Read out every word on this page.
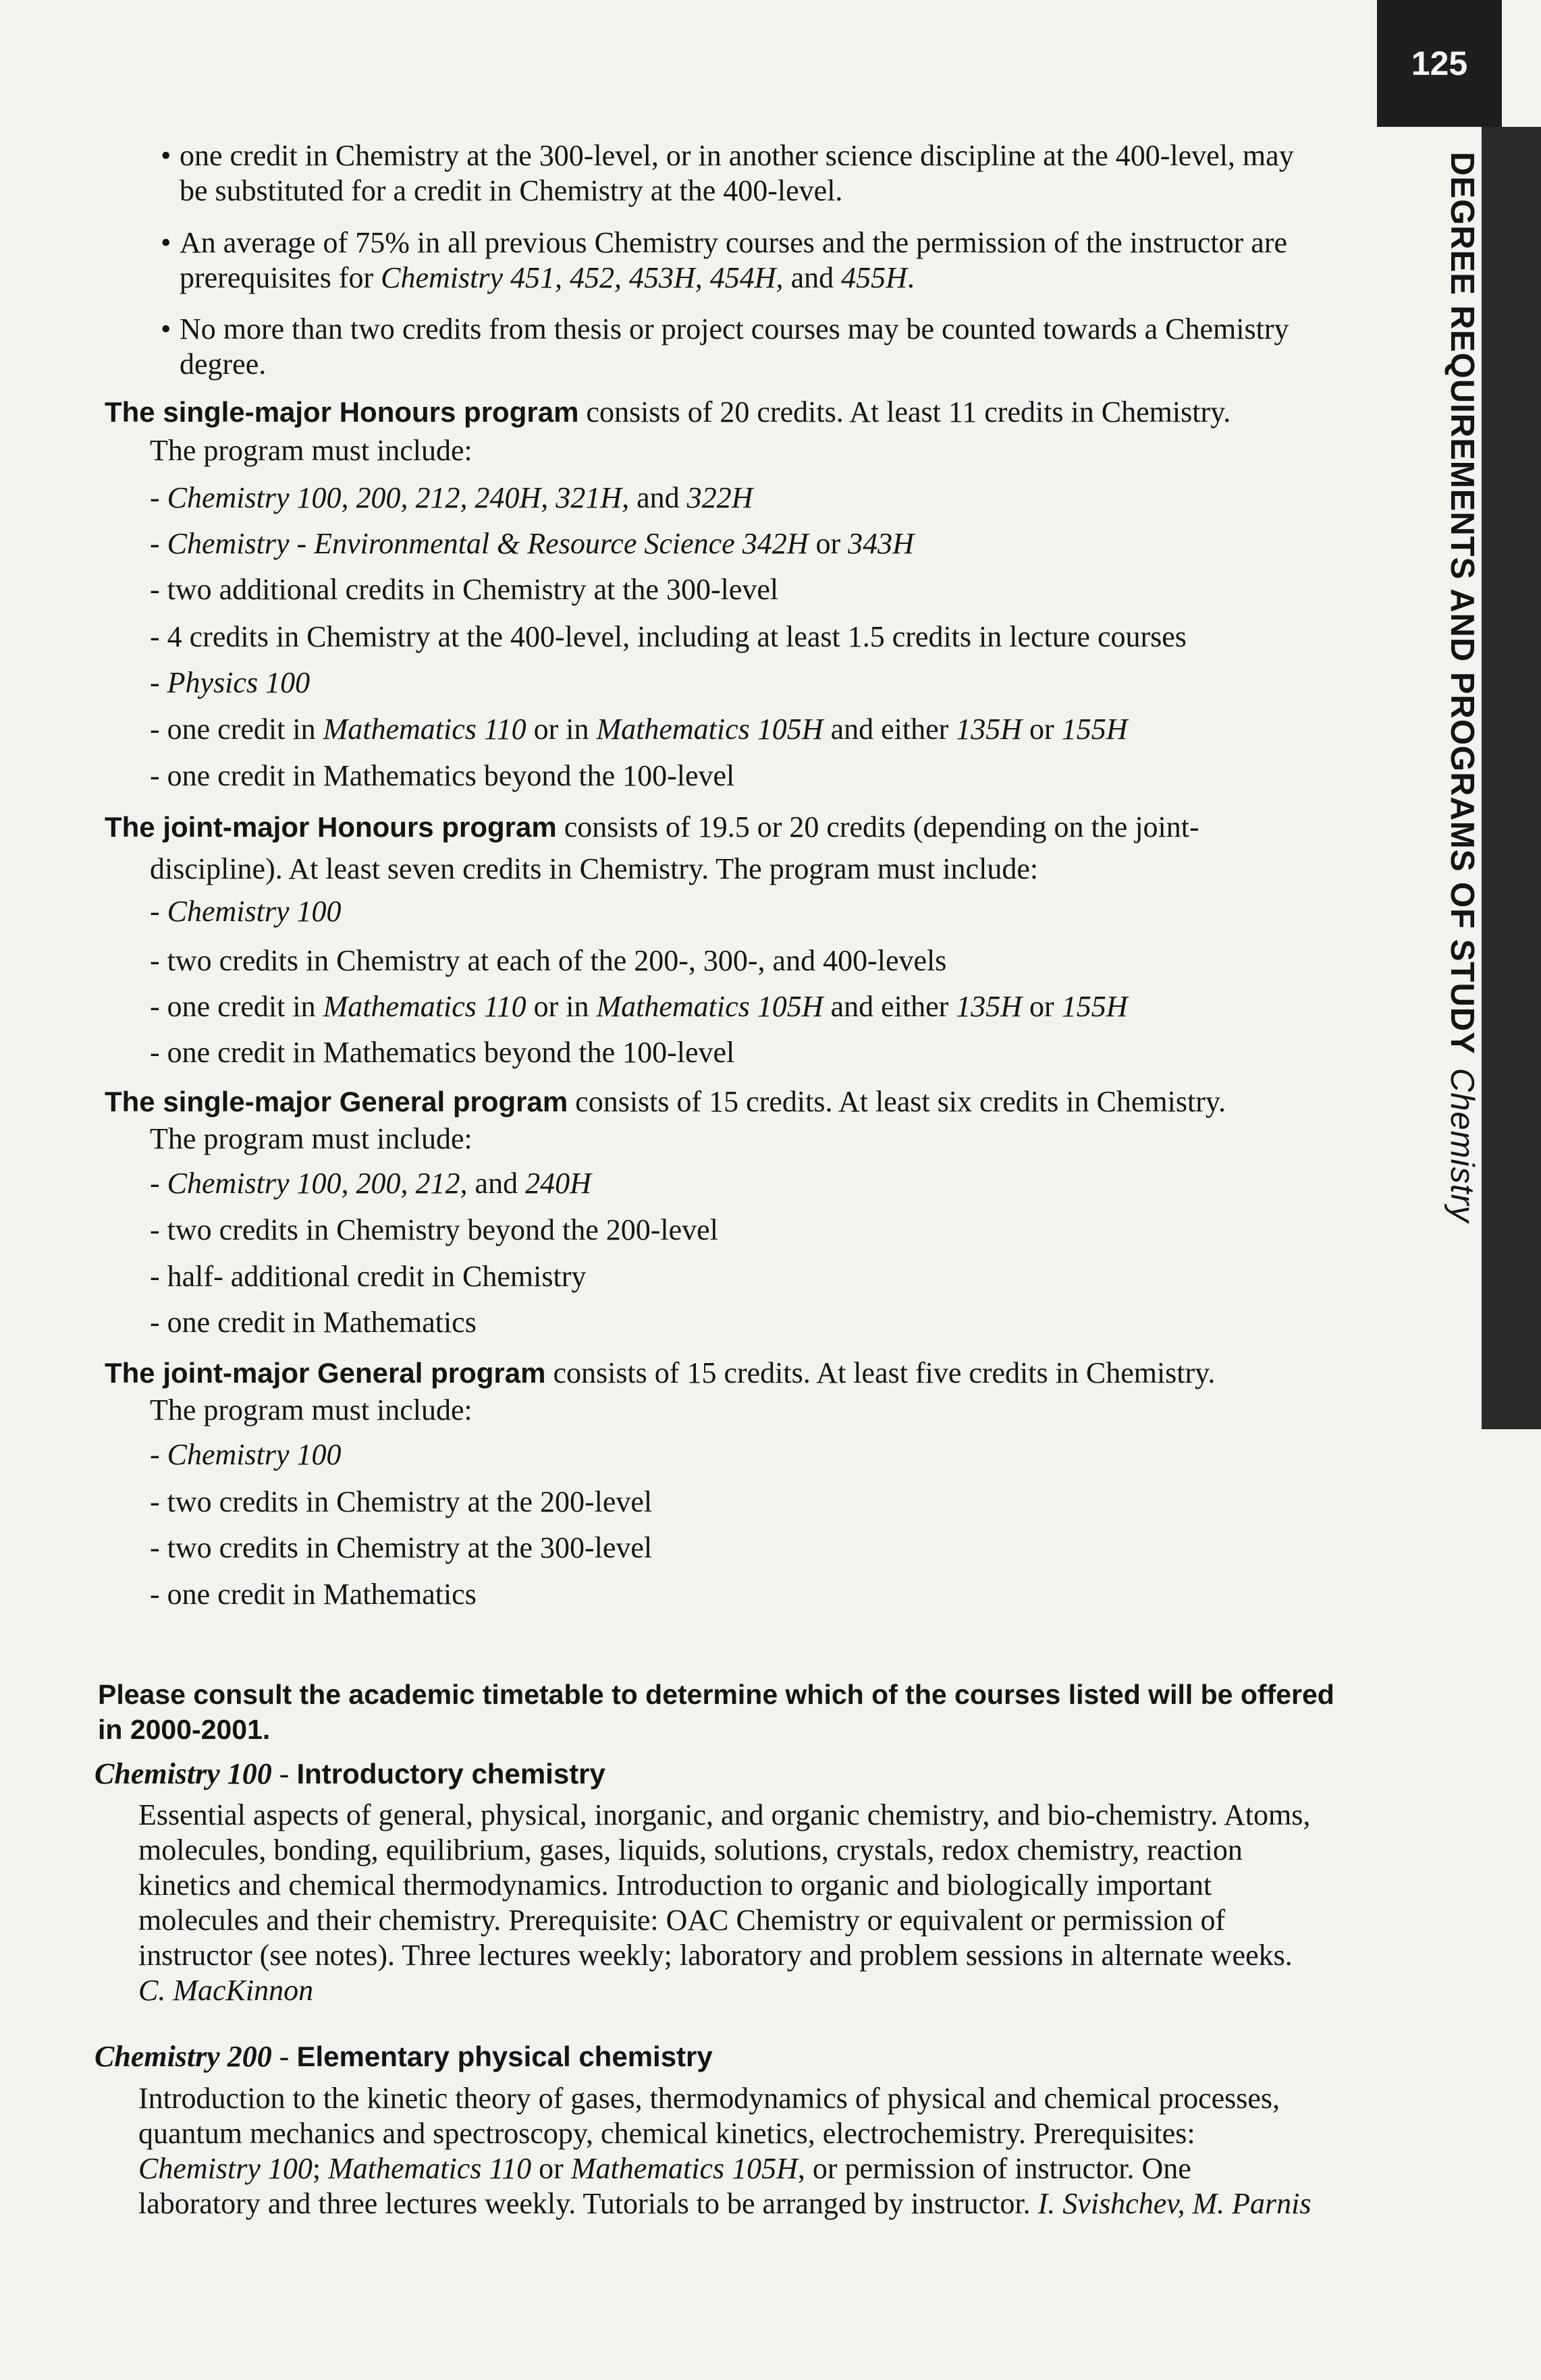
125
DEGREE REQUIREMENTS AND PROGRAMS OF STUDYChemistry
• one credit in Chemistry at the 300-level, or in another science discipline at the 400-level, may be substituted for a credit in Chemistry at the 400-level.
• An average of 75% in all previous Chemistry courses and the permission of the instructor are prerequisites for Chemistry 451, 452, 453H, 454H, and 455H.
• No more than two credits from thesis or project courses may be counted towards a Chemistry degree.
The single-major Honours program consists of 20 credits. At least 11 credits in Chemistry.
The program must include:
- Chemistry 100, 200, 212, 240H, 321H, and 322H
- Chemistry - Environmental & Resource Science 342H or 343H
- two additional credits in Chemistry at the 300-level
- 4 credits in Chemistry at the 400-level, including at least 1.5 credits in lecture courses
- Physics 100
- one credit in Mathematics 110 or in Mathematics 105H and either 135H or 155H
- one credit in Mathematics beyond the 100-level
The joint-major Honours program consists of 19.5 or 20 credits (depending on the joint-
discipline). At least seven credits in Chemistry. The program must include:
- Chemistry 100
- two credits in Chemistry at each of the 200-, 300-, and 400-levels
- one credit in Mathematics 110 or in Mathematics 105H and either 135H or 155H
- one credit in Mathematics beyond the 100-level
The single-major General program consists of 15 credits. At least six credits in Chemistry.
The program must include:
- Chemistry 100, 200, 212, and 240H
- two credits in Chemistry beyond the 200-level
- half- additional credit in Chemistry
- one credit in Mathematics
The joint-major General program consists of 15 credits. At least five credits in Chemistry.
The program must include:
- Chemistry 100
- two credits in Chemistry at the 200-level
- two credits in Chemistry at the 300-level
- one credit in Mathematics
Please consult the academic timetable to determine which of the courses listed will be offered in 2000-2001.
Chemistry 100 - Introductory chemistry
Essential aspects of general, physical, inorganic, and organic chemistry, and bio-chemistry. Atoms, molecules, bonding, equilibrium, gases, liquids, solutions, crystals, redox chemistry, reaction kinetics and chemical thermodynamics. Introduction to organic and biologically important molecules and their chemistry. Prerequisite: OAC Chemistry or equivalent or permission of instructor (see notes). Three lectures weekly; laboratory and problem sessions in alternate weeks. C. MacKinnon
Chemistry 200 - Elementary physical chemistry
Introduction to the kinetic theory of gases, thermodynamics of physical and chemical processes, quantum mechanics and spectroscopy, chemical kinetics, electrochemistry. Prerequisites: Chemistry 100; Mathematics 110 or Mathematics 105H, or permission of instructor. One laboratory and three lectures weekly. Tutorials to be arranged by instructor. I. Svishchev, M. Parnis
